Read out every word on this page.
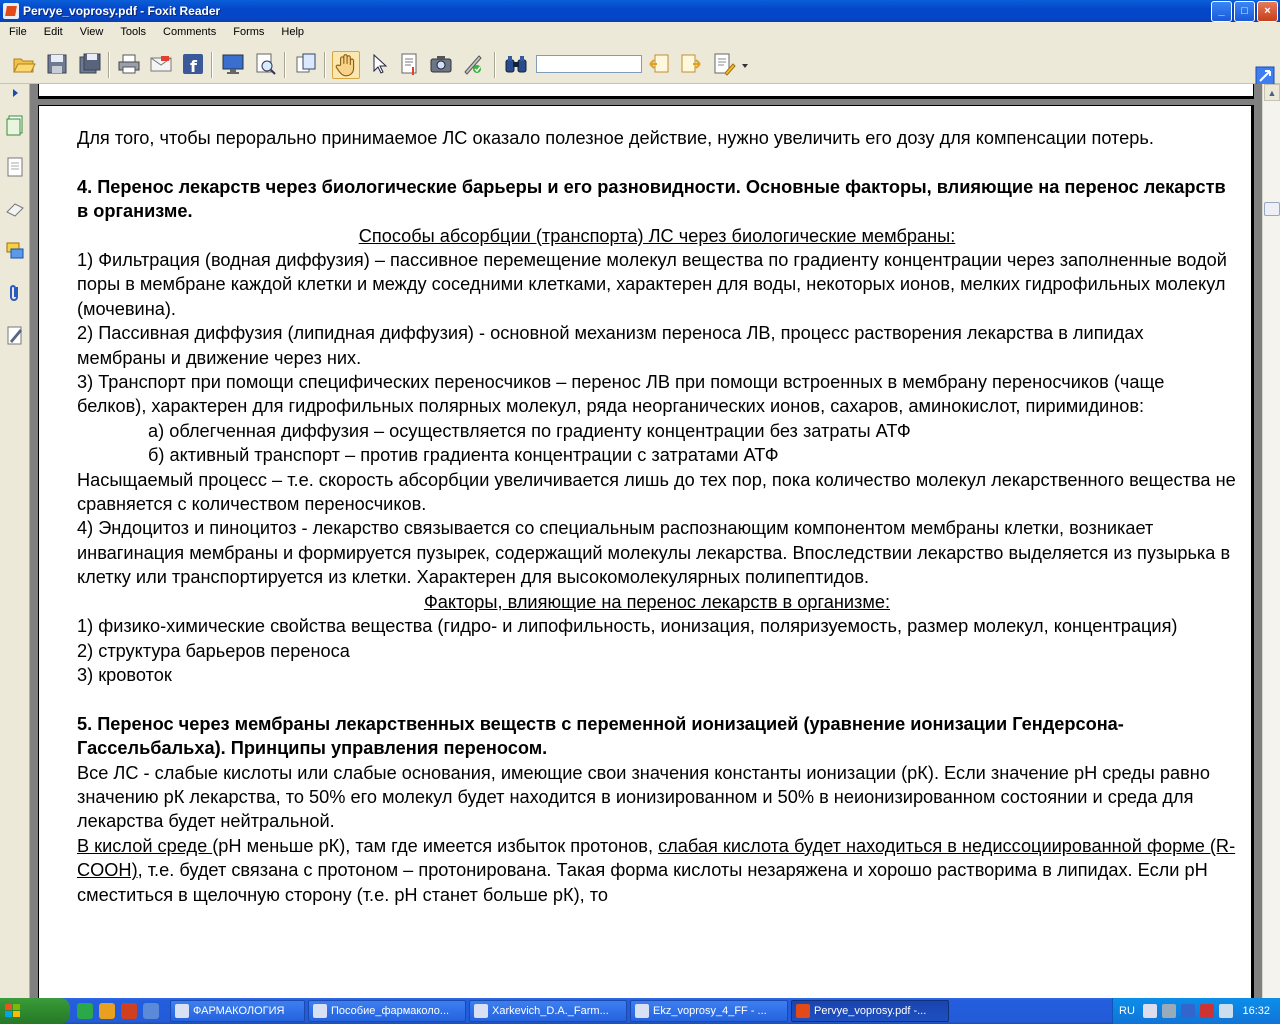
Pervye_voprosy.pdf - Foxit Reader	_	□	×
File	Edit	View	Tools	Comments	Forms	Help
f

Для того, чтобы перорально принимаемое ЛС оказало полезное действие, нужно увеличить его дозу для компенсации потерь.

4. Перенос лекарств через биологические барьеры и его разновидности. Основные факторы, влияющие на перенос лекарств в организме.

Способы абсорбции (транспорта) ЛС через биологические мембраны:

1) Фильтрация (водная диффузия) – пассивное перемещение молекул вещества по градиенту концентрации через заполненные водой поры в мембране каждой клетки и между соседними клетками, характерен для воды, некоторых ионов, мелких гидрофильных молекул (мочевина).

2) Пассивная диффузия (липидная диффузия) - основной механизм переноса ЛВ, процесс растворения лекарства в липидах мембраны и движение через них.

3) Транспорт при помощи специфических переносчиков – перенос ЛВ при помощи встроенных в мембрану переносчиков (чаще белков), характерен для гидрофильных полярных молекул, ряда неорганических ионов, сахаров, аминокислот, пиримидинов:

а) облегченная диффузия – осуществляется по градиенту концентрации без затраты АТФ

б) активный транспорт – против градиента концентрации с затратами АТФ

Насыщаемый процесс – т.е. скорость абсорбции увеличивается лишь до тех пор, пока количество молекул лекарственного вещества не сравняется с количеством переносчиков.

4) Эндоцитоз и пиноцитоз - лекарство связывается со специальным распознающим компонентом мембраны клетки, возникает инвагинация мембраны и формируется пузырек, содержащий молекулы лекарства. Впоследствии лекарство выделяется из пузырька в клетку или транспортируется из клетки. Характерен для высокомолекулярных полипептидов.

Факторы, влияющие на перенос лекарств в организме:

1) физико-химические свойства вещества (гидро- и липофильность, ионизация, поляризуемость, размер молекул, концентрация)

2) структура барьеров переноса

3) кровоток

5. Перенос через мембраны лекарственных веществ с переменной ионизацией (уравнение ионизации Гендерсона-Гассельбальха). Принципы управления переносом.

Все ЛС - слабые кислоты или слабые основания, имеющие свои значения константы ионизации (рК). Если значение рН среды равно значению рК лекарства, то 50% его молекул будет находится в ионизированном и 50% в неионизированном состоянии и среда для лекарства будет нейтральной.

В кислой среде (рН меньше рК), там где имеется избыток протонов, слабая кислота будет находиться в недиссоциированной форме (R-COOH), т.е. будет связана с протоном – протонирована. Такая форма кислоты незаряжена и хорошо растворима в липидах. Если рН сместиться в щелочную сторону (т.е. рН станет больше рК), то

▲
ФАРМАКОЛОГИЯ	Пособие_фармаколо...	Xarkevich_D.A._Farm...	Ekz_voprosy_4_FF - ...	Pervye_voprosy.pdf -...	RU	16:32
